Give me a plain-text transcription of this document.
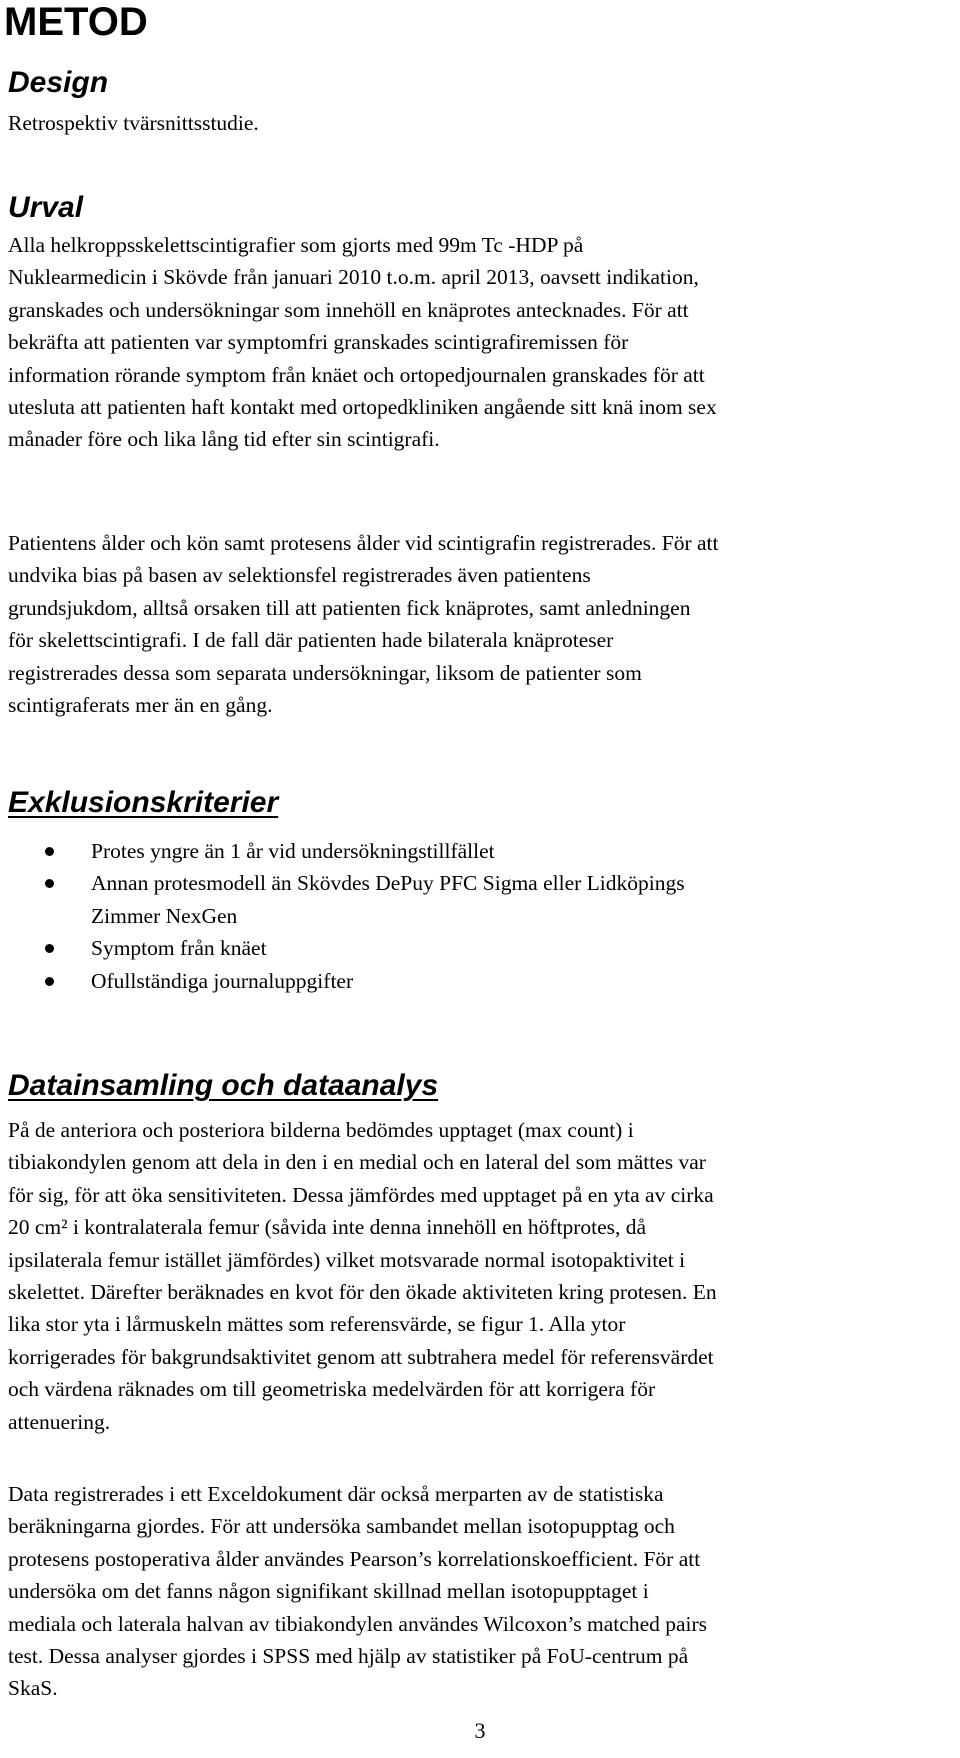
METOD
Design
Retrospektiv tvärsnittsstudie.
Urval
Alla helkroppsskelettscintigrafier som gjorts med 99m Tc -HDP på
Nuklearmedicin i Skövde från januari 2010 t.o.m. april 2013, oavsett indikation,
granskades och undersökningar som innehöll en knäprotes antecknades. För att
bekräfta att patienten var symptomfri granskades scintigrafiremissen för
information rörande symptom från knäet och ortopedjournalen granskades för att
utesluta att patienten haft kontakt med ortopedkliniken angående sitt knä inom sex
månader före och lika lång tid efter sin scintigrafi.
Patientens ålder och kön samt protesens ålder vid scintigrafin registrerades. För att
undvika bias på basen av selektionsfel registrerades även patientens
grundsjukdom, alltså orsaken till att patienten fick knäprotes, samt anledningen
för skelettscintigrafi. I de fall där patienten hade bilaterala knäproteser
registrerades dessa som separata undersökningar, liksom de patienter som
scintigraferats mer än en gång.
Exklusionskriterier
Protes yngre än 1 år vid undersökningstillfället
Annan protesmodell än Skövdes DePuy PFC Sigma eller Lidköpings
Zimmer NexGen
Symptom från knäet
Ofullständiga journaluppgifter
Datainsamling och dataanalys
På de anteriora och posteriora bilderna bedömdes upptaget (max count) i
tibiakondylen genom att dela in den i en medial och en lateral del som mättes var
för sig, för att öka sensitiviteten. Dessa jämfördes med upptaget på en yta av cirka
20 cm² i kontralaterala femur (såvida inte denna innehöll en höftprotes, då
ipsilaterala femur istället jämfördes) vilket motsvarade normal isotopaktivitet i
skelettet. Därefter beräknades en kvot för den ökade aktiviteten kring protesen. En
lika stor yta i lårmuskeln mättes som referensvärde, se figur 1. Alla ytor
korrigerades för bakgrundsaktivitet genom att subtrahera medel för referensvärdet
och värdena räknades om till geometriska medelvärden för att korrigera för
attenuering.
Data registrerades i ett Exceldokument där också merparten av de statistiska
beräkningarna gjordes. För att undersöka sambandet mellan isotopupptag och
protesens postoperativa ålder användes Pearson’s korrelationskoefficient. För att
undersöka om det fanns någon signifikant skillnad mellan isotopupptaget i
mediala och laterala halvan av tibiakondylen användes Wilcoxon’s matched pairs
test. Dessa analyser gjordes i SPSS med hjälp av statistiker på FoU-centrum på
SkaS.
3
